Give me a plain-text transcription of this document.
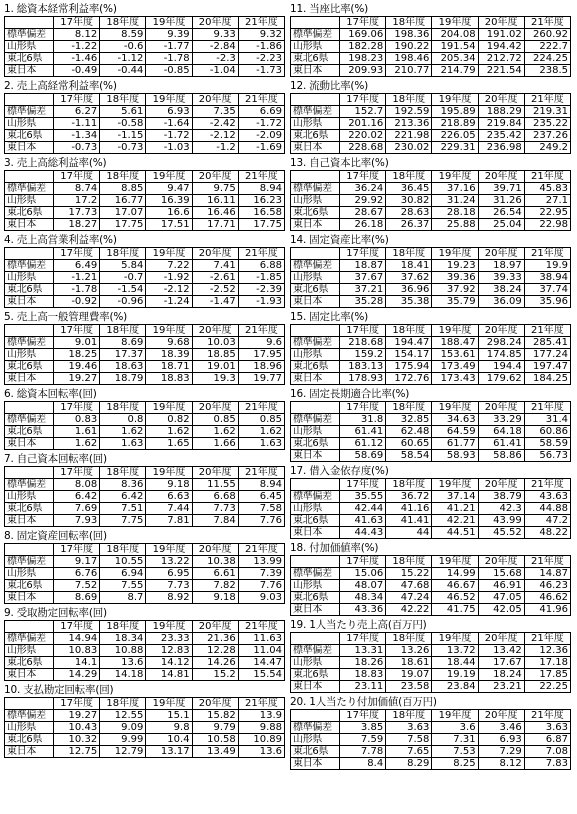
1. 総資本経常利益率(%)
	17年度	18年度	19年度	20年度	21年度
標準偏差	8.12	8.59	9.39	9.33	9.32
山形県	-1.22	-0.6	-1.77	-2.84	-1.86
東北6県	-1.46	-1.12	-1.78	-2.3	-2.23
東日本	-0.49	-0.44	-0.85	-1.04	-1.73
2. 売上高経常利益率(%)
	17年度	18年度	19年度	20年度	21年度
標準偏差	6.27	5.61	6.93	7.35	6.69
山形県	-1.11	-0.58	-1.64	-2.42	-1.72
東北6県	-1.34	-1.15	-1.72	-2.12	-2.09
東日本	-0.73	-0.73	-1.03	-1.2	-1.69
3. 売上高総利益率(%)
	17年度	18年度	19年度	20年度	21年度
標準偏差	8.74	8.85	9.47	9.75	8.94
山形県	17.2	16.77	16.39	16.11	16.23
東北6県	17.73	17.07	16.6	16.46	16.58
東日本	18.27	17.75	17.51	17.71	17.75
4. 売上高営業利益率(%)
	17年度	18年度	19年度	20年度	21年度
標準偏差	6.49	5.84	7.22	7.41	6.88
山形県	-1.21	-0.7	-1.92	-2.61	-1.85
東北6県	-1.78	-1.54	-2.12	-2.52	-2.39
東日本	-0.92	-0.96	-1.24	-1.47	-1.93
5. 売上高一般管理費率(%)
	17年度	18年度	19年度	20年度	21年度
標準偏差	9.01	8.69	9.68	10.03	9.6
山形県	18.25	17.37	18.39	18.85	17.95
東北6県	19.46	18.63	18.71	19.01	18.96
東日本	19.27	18.79	18.83	19.3	19.77
6. 総資本回転率(回)
	17年度	18年度	19年度	20年度	21年度
標準偏差	0.83	0.8	0.82	0.85	0.85
東北6県	1.61	1.62	1.62	1.62	1.62
東日本	1.62	1.63	1.65	1.66	1.63
7. 自己資本回転率(回)
	17年度	18年度	19年度	20年度	21年度
標準偏差	8.08	8.36	9.18	11.55	8.94
山形県	6.42	6.42	6.63	6.68	6.45
東北6県	7.69	7.51	7.44	7.73	7.58
東日本	7.93	7.75	7.81	7.84	7.76
8. 固定資産回転率(回)
	17年度	18年度	19年度	20年度	21年度
標準偏差	9.17	10.55	13.22	10.38	13.99
山形県	6.76	6.94	6.95	6.61	7.39
東北6県	7.52	7.55	7.73	7.82	7.76
東日本	8.69	8.7	8.92	9.18	9.03
9. 受取勘定回転率(回)
	17年度	18年度	19年度	20年度	21年度
標準偏差	14.94	18.34	23.33	21.36	11.63
山形県	10.83	10.88	12.83	12.28	11.04
東北6県	14.1	13.6	14.12	14.26	14.47
東日本	14.29	14.18	14.81	15.2	15.54
10. 支払勘定回転率(回)
	17年度	18年度	19年度	20年度	21年度
標準偏差	19.27	12.55	15.1	15.82	13.9
山形県	10.43	9.09	9.8	9.79	9.88
東北6県	10.32	9.99	10.4	10.58	10.89
東日本	12.75	12.79	13.17	13.49	13.6
11. 当座比率(%)
	17年度	18年度	19年度	20年度	21年度
標準偏差	169.06	198.36	204.08	191.02	260.92
山形県	182.28	190.22	191.54	194.42	222.7
東北6県	198.23	198.46	205.34	212.72	224.25
東日本	209.93	210.77	214.79	221.54	238.5
12. 流動比率(%)
	17年度	18年度	19年度	20年度	21年度
標準偏差	152.7	192.59	195.89	188.29	219.31
山形県	201.16	213.36	218.89	219.84	235.22
東北6県	220.02	221.98	226.05	235.42	237.26
東日本	228.68	230.02	229.31	236.98	249.2
13. 自己資本比率(%)
	17年度	18年度	19年度	20年度	21年度
標準偏差	36.24	36.45	37.16	39.71	45.83
山形県	29.92	30.82	31.24	31.26	27.1
東北6県	28.67	28.63	28.18	26.54	22.95
東日本	26.18	26.37	25.88	25.04	22.98
14. 固定資産比率(%)
	17年度	18年度	19年度	20年度	21年度
標準偏差	18.87	18.41	19.23	18.97	19.9
山形県	37.67	37.62	39.36	39.33	38.94
東北6県	37.21	36.96	37.92	38.24	37.74
東日本	35.28	35.38	35.79	36.09	35.96
15. 固定比率(%)
	17年度	18年度	19年度	20年度	21年度
標準偏差	218.68	194.47	188.47	298.24	285.41
山形県	159.2	154.17	153.61	174.85	177.24
東北6県	183.13	175.94	173.49	194.4	197.47
東日本	178.93	172.76	173.43	179.62	184.25
16. 固定長期適合比率(%)
	17年度	18年度	19年度	20年度	21年度
標準偏差	31.8	32.85	34.63	33.29	31.4
山形県	61.41	62.48	64.59	64.18	60.86
東北6県	61.12	60.65	61.77	61.41	58.59
東日本	58.69	58.54	58.93	58.86	56.73
17. 借入金依存度(%)
	17年度	18年度	19年度	20年度	21年度
標準偏差	35.55	36.72	37.14	38.79	43.63
山形県	42.44	41.16	41.21	42.3	44.88
東北6県	41.63	41.41	42.21	43.99	47.2
東日本	44.43	44	44.51	45.52	48.22
18. 付加価値率(%)
	17年度	18年度	19年度	20年度	21年度
標準偏差	15.06	15.22	14.99	15.68	14.87
山形県	48.07	47.68	46.67	46.91	46.23
東北6県	48.34	47.24	46.52	47.05	46.62
東日本	43.36	42.22	41.75	42.05	41.96
19. 1人当たり売上高(百万円)
	17年度	18年度	19年度	20年度	21年度
標準偏差	13.31	13.26	13.72	13.42	12.36
山形県	18.26	18.61	18.44	17.67	17.18
東北6県	18.83	19.07	19.19	18.24	17.85
東日本	23.11	23.58	23.84	23.21	22.25
20. 1人当たり付加価値(百万円)
	17年度	18年度	19年度	20年度	21年度
標準偏差	3.85	3.63	3.6	3.46	3.63
山形県	7.59	7.58	7.31	6.93	6.87
東北6県	7.78	7.65	7.53	7.29	7.08
東日本	8.4	8.29	8.25	8.12	7.83
